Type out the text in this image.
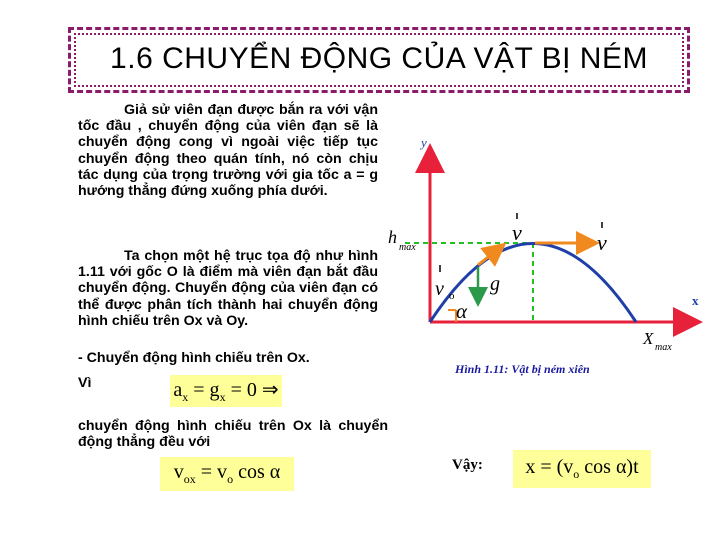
1.6 CHUYỂN ĐỘNG CỦA VẬT BỊ NÉM
Giả sử viên đạn được bắn ra với vận tốc đầu , chuyển động của viên đạn sẽ là chuyển động cong vì ngoài việc tiếp tục chuyển động theo quán tính, nó còn chịu tác dụng của trọng trường với gia tốc a = g hướng thẳng đứng xuống phía dưới.
Ta chọn một hệ trục tọa độ như hình 1.11 với gốc O là điểm mà viên đạn bắt đầu chuyển động. Chuyển động của viên đạn có thể được phân tích thành hai chuyển động hình chiếu trên Ox và Oy.
- Chuyển động hình chiếu trên Ox.
Vì	$a_x = g_x = 0$ ⇒
chuyển động hình chiếu trên Ox là chuyển động thẳng đều với
$v_{ox} = v_o$ cos α	Vậy: $x = (v_o$ cos α)t
Hình 1.11: Vật bị ném xiên
y
x
h
max
X max
v	v
v o
g
α
